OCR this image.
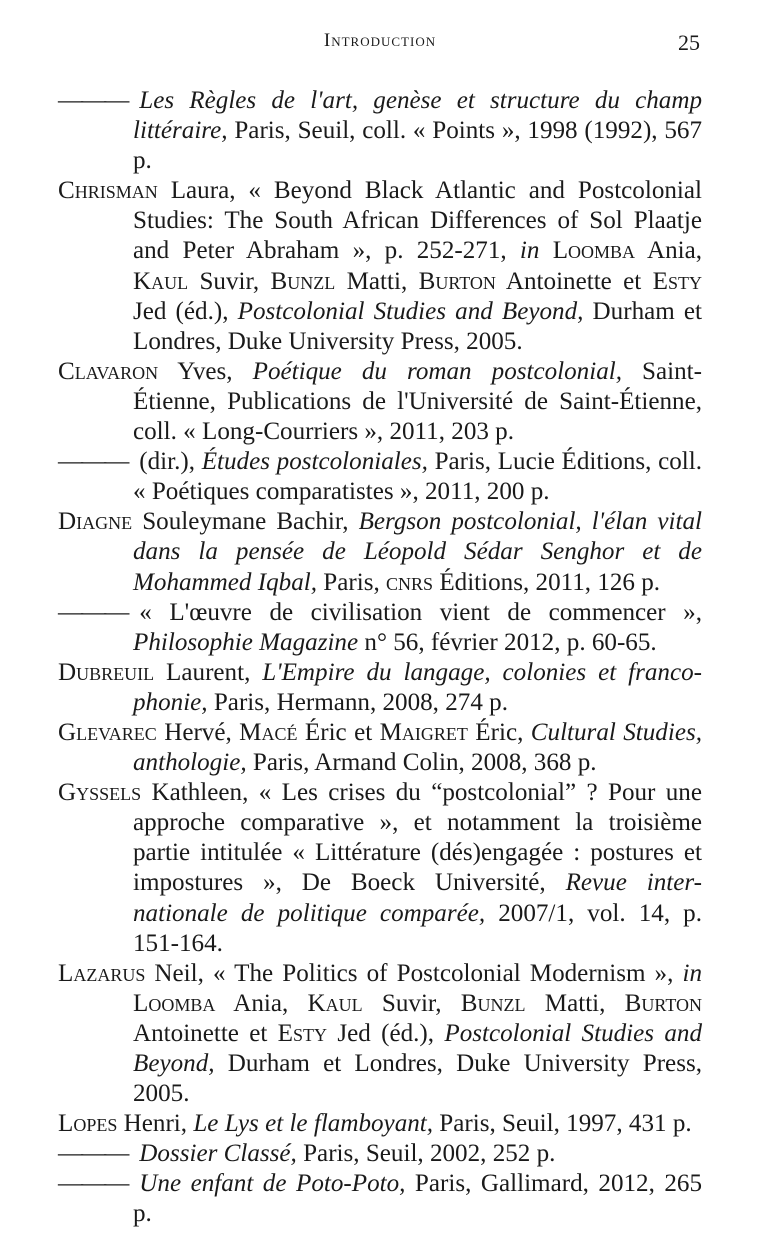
Introduction	25

——— Les Règles de l'art, genèse et structure du champ littéraire, Paris, Seuil, coll. « Points », 1998 (1992), 567 p.

Chrisman Laura, « Beyond Black Atlantic and Postcolonial Studies: The South African Differences of Sol Plaatje and Peter Abraham », p. 252-271, in Loomba Ania, Kaul Suvir, Bunzl Matti, Burton Antoinette et Esty Jed (éd.), Postcolonial Studies and Beyond, Durham et Londres, Duke University Press, 2005.

Clavaron Yves, Poétique du roman postcolonial, Saint-Étienne, Publications de l'Université de Saint-Étienne, coll. « Long-Courriers », 2011, 203 p.

——— (dir.), Études postcoloniales, Paris, Lucie Éditions, coll. « Poétiques comparatistes », 2011, 200 p.

Diagne Souleymane Bachir, Bergson postcolonial, l'élan vital dans la pensée de Léopold Sédar Senghor et de Mohammed Iqbal, Paris, cnrs Éditions, 2011, 126 p.

——— « L'œuvre de civilisation vient de commencer », Philosophie Magazine n° 56, février 2012, p. 60-65.

Dubreuil Laurent, L'Empire du langage, colonies et franco-phonie, Paris, Hermann, 2008, 274 p.

Glevarec Hervé, Macé Éric et Maigret Éric, Cultural Studies, anthologie, Paris, Armand Colin, 2008, 368 p.

Gyssels Kathleen, « Les crises du “postcolonial” ? Pour une approche comparative », et notamment la troisième partie intitulée « Littérature (dés)engagée : postures et impostures », De Boeck Université, Revue inter-nationale de politique comparée, 2007/1, vol. 14, p. 151-164.

Lazarus Neil, « The Politics of Postcolonial Modernism », in Loomba Ania, Kaul Suvir, Bunzl Matti, Burton Antoinette et Esty Jed (éd.), Postcolonial Studies and Beyond, Durham et Londres, Duke University Press, 2005.

Lopes Henri, Le Lys et le flamboyant, Paris, Seuil, 1997, 431 p.

——— Dossier Classé, Paris, Seuil, 2002, 252 p.

——— Une enfant de Poto-Poto, Paris, Gallimard, 2012, 265 p.
